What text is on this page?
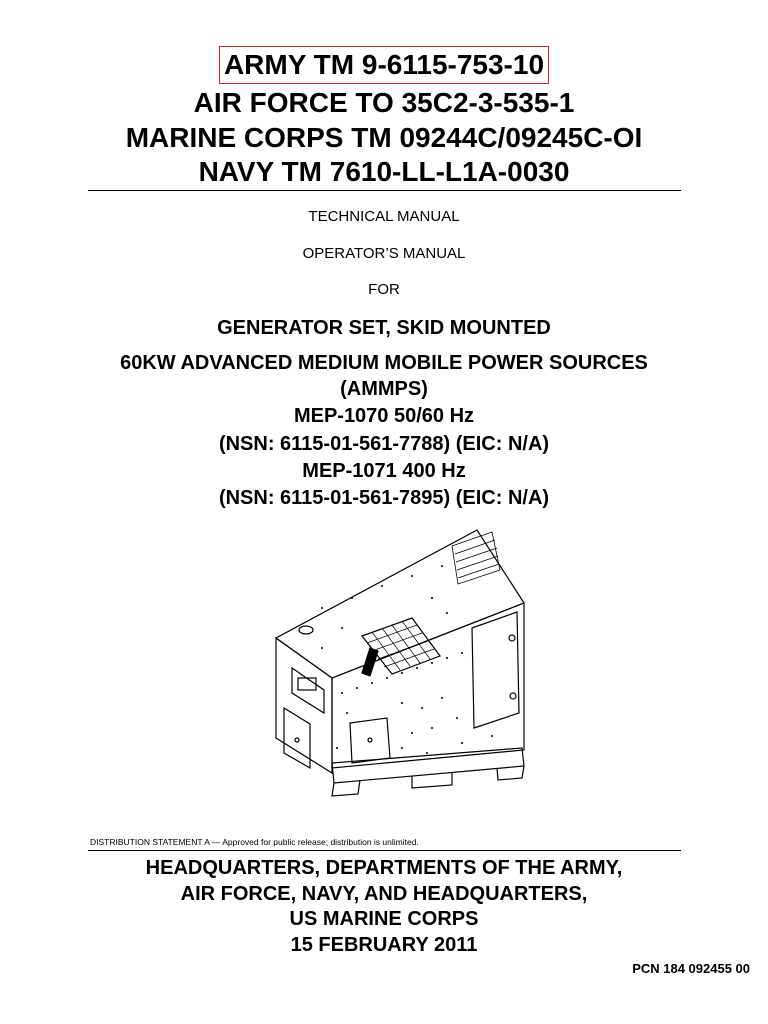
ARMY TM 9-6115-753-10
AIR FORCE TO 35C2-3-535-1
MARINE CORPS TM 09244C/09245C-OI
NAVY TM 7610-LL-L1A-0030
TECHNICAL MANUAL
OPERATOR’S MANUAL
FOR
GENERATOR SET, SKID MOUNTED
60KW ADVANCED MEDIUM MOBILE POWER SOURCES
(AMMPS)
MEP-1070 50/60 Hz
(NSN: 6115-01-561-7788) (EIC: N/A)
MEP-1071 400 Hz
(NSN: 6115-01-561-7895) (EIC: N/A)
DISTRIBUTION STATEMENT A — Approved for public release; distribution is unlimited.
HEADQUARTERS, DEPARTMENTS OF THE ARMY,
AIR FORCE, NAVY, AND HEADQUARTERS,
US MARINE CORPS
15 FEBRUARY 2011
PCN 184 092455 00
